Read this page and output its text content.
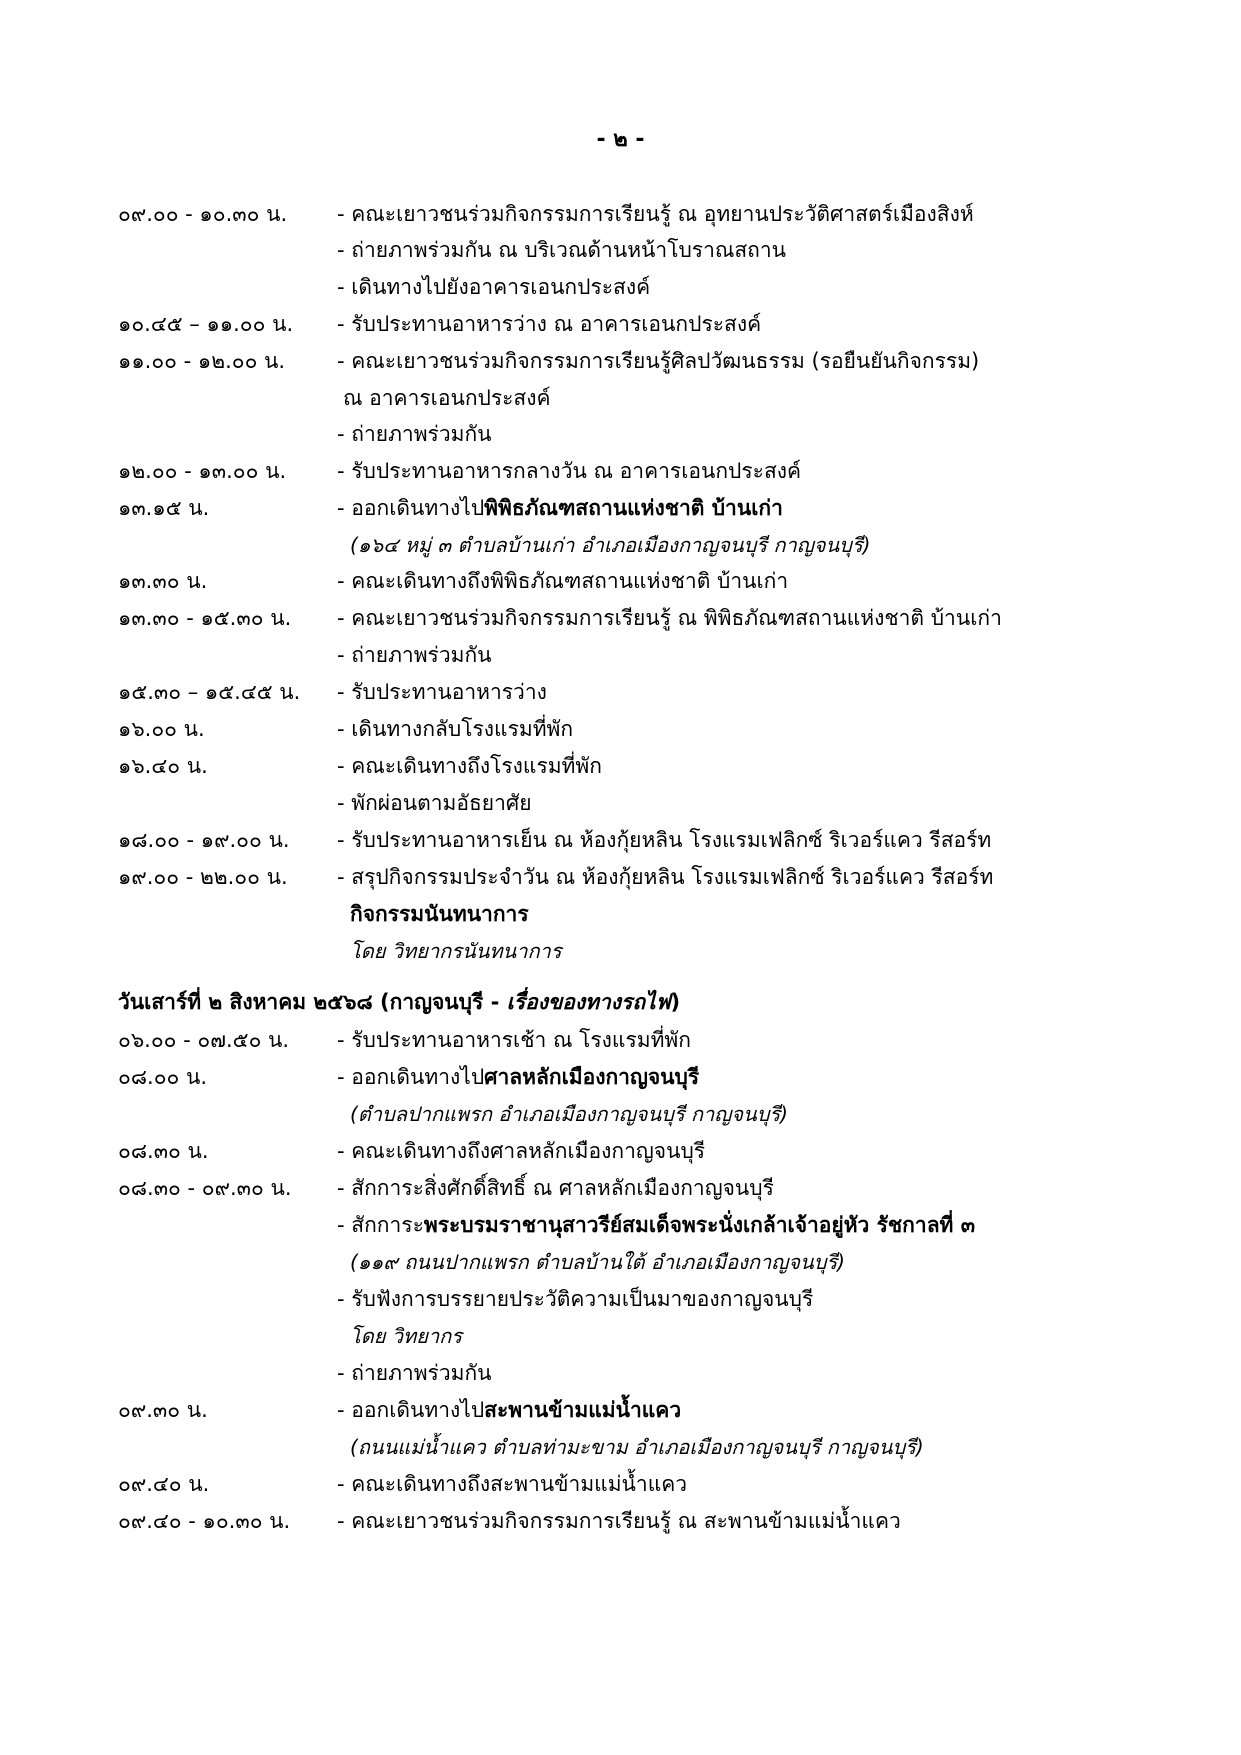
- ๒ -
๐๙.๐๐ - ๑๐.๓๐ น. - คณะเยาวชนร่วมกิจกรรมการเรียนรู้ ณ อุทยานประวัติศาสตร์เมืองสิงห์
- ถ่ายภาพร่วมกัน ณ บริเวณด้านหน้าโบราณสถาน
- เดินทางไปยังอาคารเอนกประสงค์
๑๐.๔๕ – ๑๑.๐๐ น. - รับประทานอาหารว่าง ณ อาคารเอนกประสงค์
๑๑.๐๐ - ๑๒.๐๐ น. - คณะเยาวชนร่วมกิจกรรมการเรียนรู้ศิลปวัฒนธรรม (รอยืนยันกิจกรรม)
ณ อาคารเอนกประสงค์
- ถ่ายภาพร่วมกัน
๑๒.๐๐ - ๑๓.๐๐ น. - รับประทานอาหารกลางวัน ณ อาคารเอนกประสงค์
๑๓.๑๕ น.	- ออกเดินทางไปพิพิธภัณฑสถานแห่งชาติ บ้านเก่า
(๑๖๔ หมู่ ๓ ตำบลบ้านเก่า อำเภอเมืองกาญจนบุรี กาญจนบุรี)
๑๓.๓๐ น.	- คณะเดินทางถึงพิพิธภัณฑสถานแห่งชาติ บ้านเก่า
๑๓.๓๐ - ๑๕.๓๐ น. - คณะเยาวชนร่วมกิจกรรมการเรียนรู้ ณ พิพิธภัณฑสถานแห่งชาติ บ้านเก่า
- ถ่ายภาพร่วมกัน
๑๕.๓๐ – ๑๕.๔๕ น. - รับประทานอาหารว่าง
๑๖.๐๐ น.	- เดินทางกลับโรงแรมที่พัก
๑๖.๔๐ น.	- คณะเดินทางถึงโรงแรมที่พัก
- พักผ่อนตามอัธยาศัย
๑๘.๐๐ - ๑๙.๐๐ น. - รับประทานอาหารเย็น ณ ห้องกุ้ยหลิน โรงแรมเฟลิกซ์ ริเวอร์แคว รีสอร์ท
๑๙.๐๐ - ๒๒.๐๐ น. - สรุปกิจกรรมประจำวัน ณ ห้องกุ้ยหลิน โรงแรมเฟลิกซ์ ริเวอร์แคว รีสอร์ท
กิจกรรมนันทนาการ
โดย วิทยากรนันทนาการ
วันเสาร์ที่ ๒ สิงหาคม ๒๕๖๘ (กาญจนบุรี - เรื่องของทางรถไฟ)
๐๖.๐๐ - ๐๗.๕๐ น. - รับประทานอาหารเช้า ณ โรงแรมที่พัก
๐๘.๐๐ น.	- ออกเดินทางไปศาลหลักเมืองกาญจนบุรี
(ตำบลปากแพรก อำเภอเมืองกาญจนบุรี กาญจนบุรี)
๐๘.๓๐ น.	- คณะเดินทางถึงศาลหลักเมืองกาญจนบุรี
๐๘.๓๐ - ๐๙.๓๐ น. - สักการะสิ่งศักดิ์สิทธิ์ ณ ศาลหลักเมืองกาญจนบุรี
- สักการะพระบรมราชานุสาวรีย์สมเด็จพระนั่งเกล้าเจ้าอยู่หัว รัชกาลที่ ๓
(๑๑๙ ถนนปากแพรก ตำบลบ้านใต้ อำเภอเมืองกาญจนบุรี)
- รับฟังการบรรยายประวัติความเป็นมาของกาญจนบุรี
โดย วิทยากร
- ถ่ายภาพร่วมกัน
๐๙.๓๐ น.	- ออกเดินทางไปสะพานข้ามแม่น้ำแคว
(ถนนแม่น้ำแคว ตำบลท่ามะขาม อำเภอเมืองกาญจนบุรี กาญจนบุรี)
๐๙.๔๐ น.	- คณะเดินทางถึงสะพานข้ามแม่น้ำแคว
๐๙.๔๐ - ๑๐.๓๐ น. - คณะเยาวชนร่วมกิจกรรมการเรียนรู้ ณ สะพานข้ามแม่น้ำแคว
